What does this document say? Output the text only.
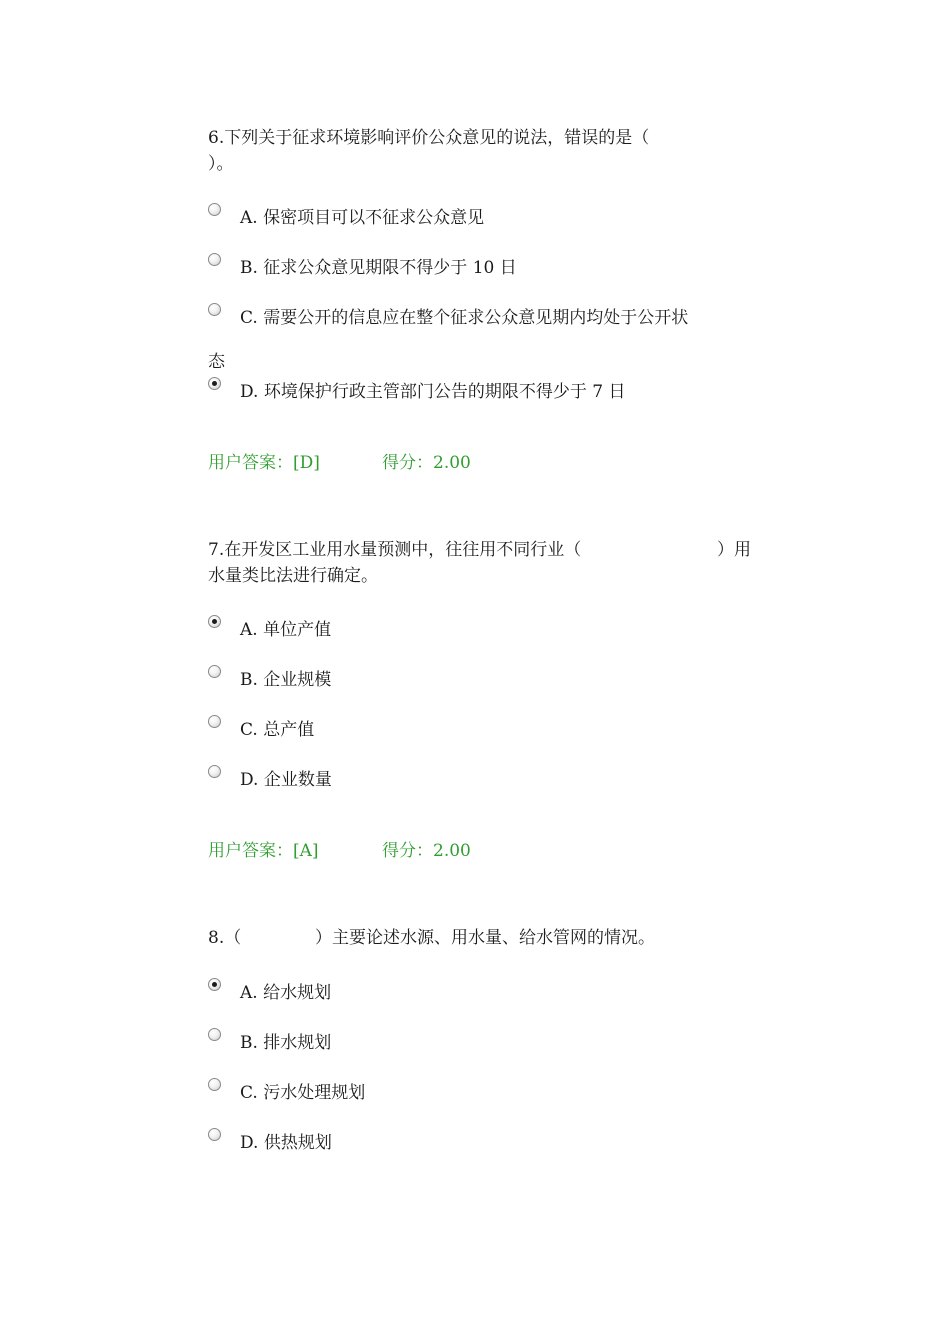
6.下列关于征求环境影响评价公众意见的说法，错误的是（
）。
A. 保密项目可以不征求公众意见
B. 征求公众意见期限不得少于 10 日
C. 需要公开的信息应在整个征求公众意见期内均处于公开状
态
D. 环境保护行政主管部门公告的期限不得少于 7 日
用户答案：[D]	得分：2.00
7.在开发区工业用水量预测中，往往用不同行业（	）用
水量类比法进行确定。
A. 单位产值
B. 企业规模
C. 总产值
D. 企业数量
用户答案：[A]	得分：2.00
8.（	）主要论述水源、用水量、给水管网的情况。
A. 给水规划
B. 排水规划
C. 污水处理规划
D. 供热规划
